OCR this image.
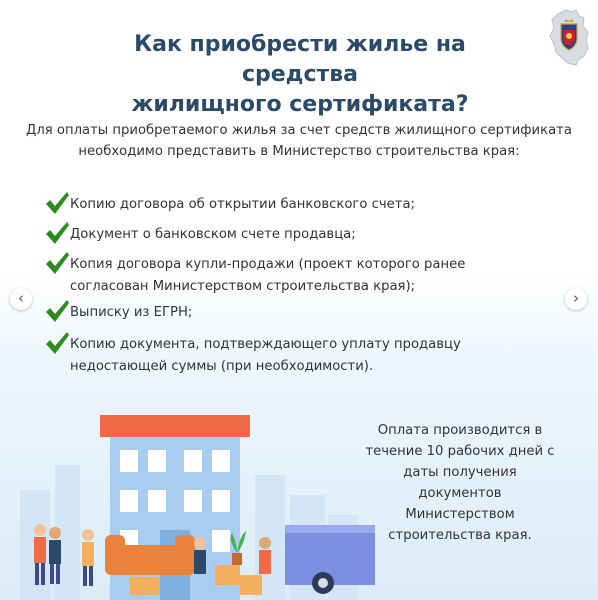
Как приобрести жилье на средства
жилищного сертификата?
Для оплаты приобретаемого жилья за счет средств жилищного сертификата
необходимо представить в Министерство строительства края:
Копию договора об открытии банковского счета;
Документ о банковском счете продавца;
Копия договора купли-продажи (проект которого ранее
согласован Министерством строительства края);
Выписку из ЕГРН;
Копию документа, подтверждающего уплату продавцу
недостающей суммы (при необходимости).
‹	›
Оплата производится в
течение 10 рабочих дней с
даты получения документов
Министерством
строительства края.
